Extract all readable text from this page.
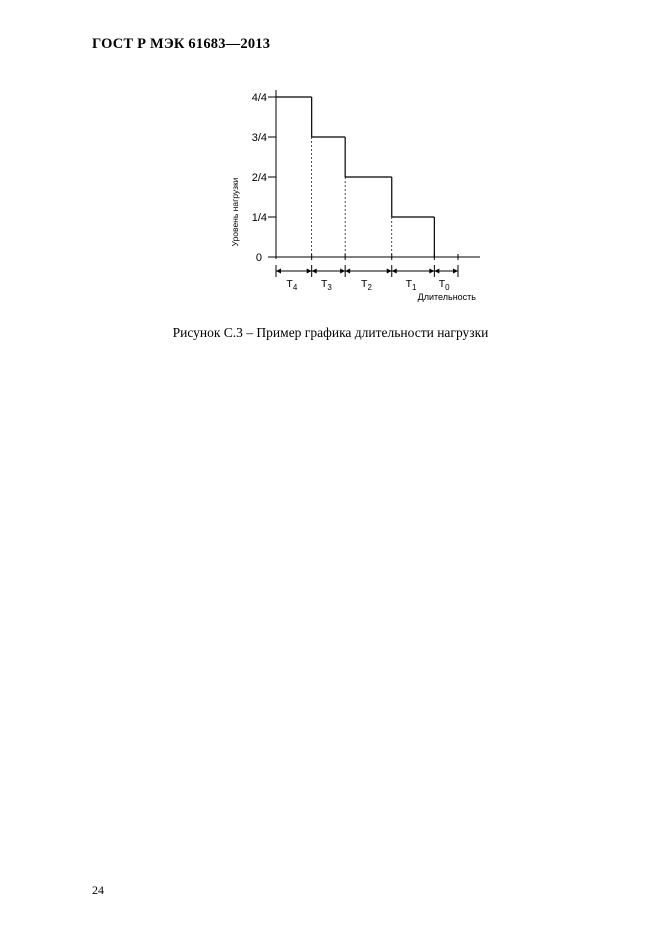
ГОСТ Р МЭК 61683—2013
0
1/4
2/4
3/4
4/4
Уровень нагрузки
$T_4$ $T_3$	$T_2$	$T_1$ $T_0$
Длительность
Рисунок С.3 – Пример графика длительности нагрузки
24
